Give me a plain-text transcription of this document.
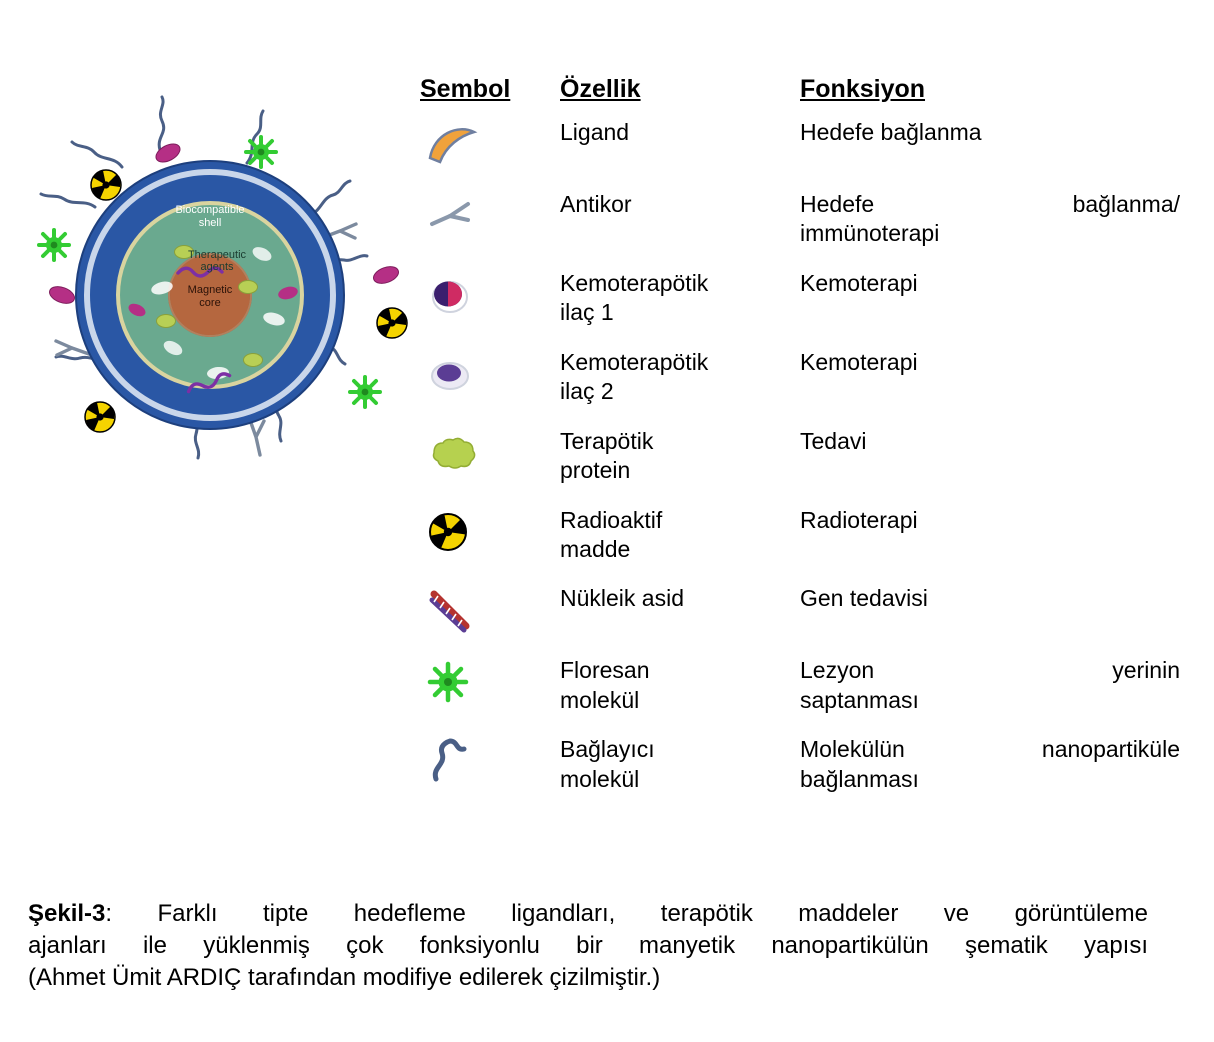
Biocompatible
shell
Therapeutic
agents
Magnetic
core
Sembol	Özellik	Fonksiyon

Ligand	Hedefe bağlanma

Antikor	Hedefe bağlanma/
immünoterapi

Kemoterapötik
ilaç 1	Kemoterapi

Kemoterapötik
ilaç 2	Kemoterapi

Terapötik
protein	Tedavi

Radioaktif
madde	Radioterapi

Nükleik asid	Gen tedavisi

Floresan
molekül	Lezyon yerinin
saptanması

Bağlayıcı
molekül	Molekülün nanopartiküle
bağlanması
Şekil-3: Farklı tipte hedefleme ligandları, terapötik maddeler ve görüntüleme
ajanları ile yüklenmiş çok fonksiyonlu bir manyetik nanopartikülün şematik yapısı
(Ahmet Ümit ARDIÇ tarafından modifiye edilerek çizilmiştir.)
